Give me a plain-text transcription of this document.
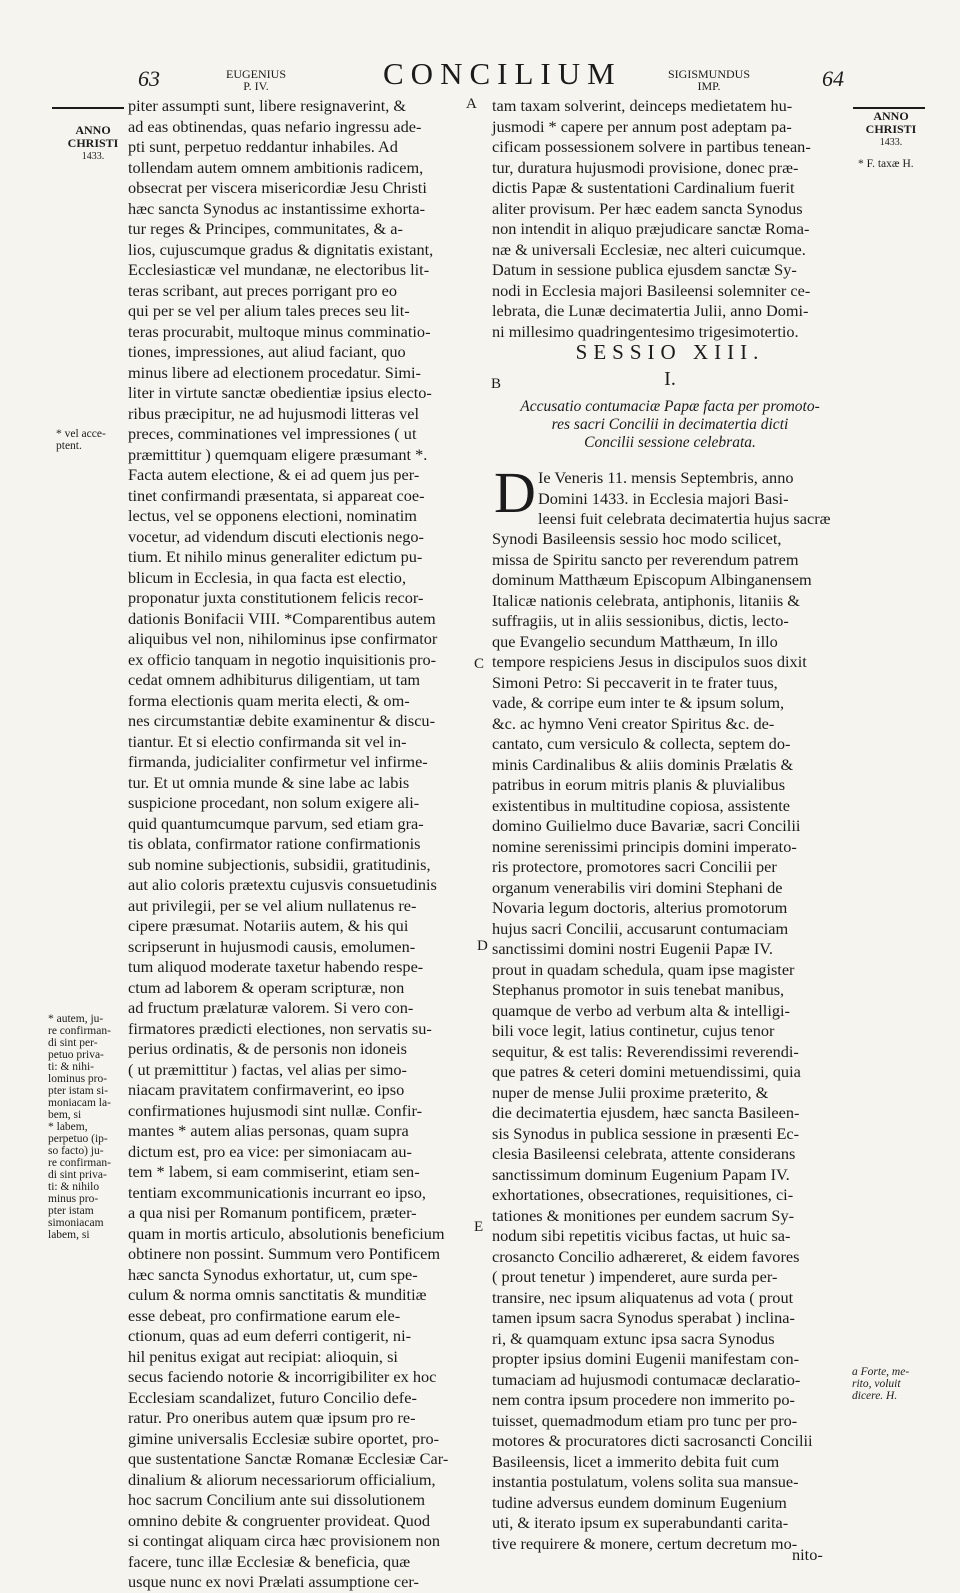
63	EUGENIUS
P. IV.	CONCILIUM	SIGISMUNDUS
IMP.	64
ANNO
CHRISTI
1433.
* vel acce-
ptent.
* autem, ju-
re confirman-
di sint per-
petuo priva-
ti: & nihi-
lominus pro-
pter istam si-
moniacam la-
bem, si
* labem,
perpetuo (ip-
so facto) ju-
re confirman-
di sint priva-
ti: & nihilo
minus pro-
pter istam
simoniacam
labem, si
A
B
C
D
E
piter assumpti sunt, libere resignaverint, &
ad eas obtinendas, quas nefario ingressu ade-
pti sunt, perpetuo reddantur inhabiles. Ad
tollendam autem omnem ambitionis radicem,
obsecrat per viscera misericordiæ Jesu Christi
hæc sancta Synodus ac instantissime exhorta-
tur reges & Principes, communitates, & a-
lios, cujuscumque gradus & dignitatis existant,
Ecclesiasticæ vel mundanæ, ne electoribus lit-
teras scribant, aut preces porrigant pro eo
qui per se vel per alium tales preces seu lit-
teras procurabit, multoque minus comminatio-
tiones, impressiones, aut aliud faciant, quo
minus libere ad electionem procedatur. Simi-
liter in virtute sanctæ obedientiæ ipsius electo-
ribus præcipitur, ne ad hujusmodi litteras vel
preces, comminationes vel impressiones ( ut
præmittitur ) quemquam eligere præsumant *.
Facta autem electione, & ei ad quem jus per-
tinet confirmandi præsentata, si appareat coe-
lectus, vel se opponens electioni, nominatim
vocetur, ad videndum discuti electionis nego-
tium. Et nihilo minus generaliter edictum pu-
blicum in Ecclesia, in qua facta est electio,
proponatur juxta constitutionem felicis recor-
dationis Bonifacii VIII. *Comparentibus autem
aliquibus vel non, nihilominus ipse confirmator
ex officio tanquam in negotio inquisitionis pro-
cedat omnem adhibiturus diligentiam, ut tam
forma electionis quam merita electi, & om-
nes circumstantiæ debite examinentur & discu-
tiantur. Et si electio confirmanda sit vel in-
firmanda, judicialiter confirmetur vel infirme-
tur. Et ut omnia munde & sine labe ac labis
suspicione procedant, non solum exigere ali-
quid quantumcumque parvum, sed etiam gra-
tis oblata, confirmator ratione confirmationis
sub nomine subjectionis, subsidii, gratitudinis,
aut alio coloris prætextu cujusvis consuetudinis
aut privilegii, per se vel alium nullatenus re-
cipere præsumat. Notariis autem, & his qui
scripserunt in hujusmodi causis, emolumen-
tum aliquod moderate taxetur habendo respe-
ctum ad laborem & operam scripturæ, non
ad fructum prælaturæ valorem. Si vero con-
firmatores prædicti electiones, non servatis su-
perius ordinatis, & de personis non idoneis
( ut præmittitur ) factas, vel alias per simo-
niacam pravitatem confirmaverint, eo ipso
confirmationes hujusmodi sint nullæ. Confir-
mantes * autem alias personas, quam supra
dictum est, pro ea vice: per simoniacam au-
tem * labem, si eam commiserint, etiam sen-
tentiam excommunicationis incurrant eo ipso,
a qua nisi per Romanum pontificem, præter-
quam in mortis articulo, absolutionis beneficium
obtinere non possint. Summum vero Pontificem
hæc sancta Synodus exhortatur, ut, cum spe-
culum & norma omnis sanctitatis & munditiæ
esse debeat, pro confirmatione earum ele-
ctionum, quas ad eum deferri contigerit, ni-
hil penitus exigat aut recipiat: alioquin, si
secus faciendo notorie & incorrigibiliter ex hoc
Ecclesiam scandalizet, futuro Concilio defe-
ratur. Pro oneribus autem quæ ipsum pro re-
gimine universalis Ecclesiæ subire oportet, pro-
que sustentatione Sanctæ Romanæ Ecclesiæ Car-
dinalium & aliorum necessariorum officialium,
hoc sacrum Concilium ante sui dissolutionem
omnino debite & congruenter provideat. Quod
si contingat aliquam circa hæc provisionem non
facere, tunc illæ Ecclesiæ & beneficia, quæ
usque nunc ex novi Prælati assumptione cer-
tam taxam solverint, deinceps medietatem hu-
jusmodi * capere per annum post adeptam pa-
cificam possessionem solvere in partibus tenean-
tur, duratura hujusmodi provisione, donec præ-
dictis Papæ & sustentationi Cardinalium fuerit
aliter provisum. Per hæc eadem sancta Synodus
non intendit in aliquo præjudicare sanctæ Roma-
næ & universali Ecclesiæ, nec alteri cuicumque.
Datum in sessione publica ejusdem sanctæ Sy-
nodi in Ecclesia majori Basileensi solemniter ce-
lebrata, die Lunæ decimatertia Julii, anno Domi-
ni millesimo quadringentesimo trigesimotertio.
ANNO
CHRISTI
1433.
* F. taxæ H.
a Forte, me-
rito, voluit
dicere. H.
SESSIO XIII.
I.
Accusatio contumaciæ Papæ facta per promoto-
res sacri Concilii in decimatertia dicti
Concilii sessione celebrata.
D Ie Veneris 11. mensis Septembris, anno
Domini 1433. in Ecclesia majori Basi-
leensi fuit celebrata decimatertia hujus sacræ
Synodi Basileensis sessio hoc modo scilicet,
missa de Spiritu sancto per reverendum patrem
dominum Matthæum Episcopum Albinganensem
Italicæ nationis celebrata, antiphonis, litaniis &
suffragiis, ut in aliis sessionibus, dictis, lecto-
que Evangelio secundum Matthæum, In illo
tempore respiciens Jesus in discipulos suos dixit
Simoni Petro: Si peccaverit in te frater tuus,
vade, & corripe eum inter te & ipsum solum,
&c. ac hymno Veni creator Spiritus &c. de-
cantato, cum versiculo & collecta, septem do-
minis Cardinalibus & aliis dominis Prælatis &
patribus in eorum mitris planis & pluvialibus
existentibus in multitudine copiosa, assistente
domino Guilielmo duce Bavariæ, sacri Concilii
nomine serenissimi principis domini imperato-
ris protectore, promotores sacri Concilii per
organum venerabilis viri domini Stephani de
Novaria legum doctoris, alterius promotorum
hujus sacri Concilii, accusarunt contumaciam
sanctissimi domini nostri Eugenii Papæ IV.
prout in quadam schedula, quam ipse magister
Stephanus promotor in suis tenebat manibus,
quamque de verbo ad verbum alta & intelligi-
bili voce legit, latius continetur, cujus tenor
sequitur, & est talis: Reverendissimi reverendi-
que patres & ceteri domini metuendissimi, quia
nuper de mense Julii proxime præterito, &
die decimatertia ejusdem, hæc sancta Basileen-
sis Synodus in publica sessione in præsenti Ec-
clesia Basileensi celebrata, attente considerans
sanctissimum dominum Eugenium Papam IV.
exhortationes, obsecrationes, requisitiones, ci-
tationes & monitiones per eundem sacrum Sy-
nodum sibi repetitis vicibus factas, ut huic sa-
crosancto Concilio adhæreret, & eidem favores
( prout tenetur ) impenderet, aure surda per-
transire, nec ipsum aliquatenus ad vota ( prout
tamen ipsum sacra Synodus sperabat ) inclina-
ri, & quamquam extunc ipsa sacra Synodus
propter ipsius domini Eugenii manifestam con-
tumaciam ad hujusmodi contumacæ declaratio-
nem contra ipsum procedere non immerito po-
tuisset, quemadmodum etiam pro tunc per pro-
motores & procuratores dicti sacrosancti Concilii
Basileensis, licet a immerito debita fuit cum
instantia postulatum, volens solita sua mansue-
tudine adversus eundem dominum Eugenium
uti, & iterato ipsum ex superabundanti carita-
tive requirere & monere, certum decretum mo-
nito-
